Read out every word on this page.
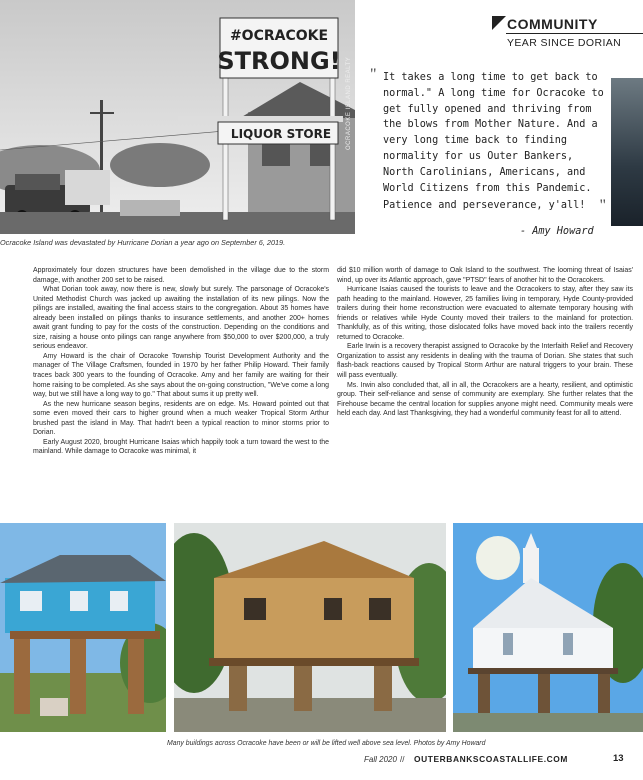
COMMUNITY
YEAR SINCE DORIAN
#OCRACOKE
STRONG!
LIQUOR STORE OCRACOKE ISLAND REALTY " It takes a long time to get back to normal." A long time for Ocracoke to get fully opened and thriving from the blows from Mother Nature. And a very long time back to finding normality for us Outer Bankers, North Carolinians, Americans, and World Citizens from this Pandemic. Patience and perseverance, y'all! "
- Amy Howard
Ocracoke Island was devastated by Hurricane Dorian a year ago on September 6, 2019.

Approximately four dozen structures have been demolished in the village due to the storm damage, with another 200 set to be raised.

What Dorian took away, now there is new, slowly but surely. The parsonage of Ocracoke's United Methodist Church was jacked up awaiting the installation of its new pilings. Now the pilings are installed, awaiting the final access stairs to the congregation. About 35 homes have already been installed on pilings thanks to insurance settlements, and another 200+ homes await grant funding to pay for the costs of the construction. Depending on the conditions and size, raising a house onto pilings can range anywhere from $50,000 to over $200,000, a truly serious endeavor.

Amy Howard is the chair of Ocracoke Township Tourist Development Authority and the manager of The Village Craftsmen, founded in 1970 by her father Philip Howard. Their family traces back 300 years to the founding of Ocracoke. Amy and her family are waiting for their home raising to be completed. As she says about the on-going construction, "We've come a long way, but we still have a long way to go." That about sums it up pretty well.

As the new hurricane season begins, residents are on edge. Ms. Howard pointed out that some even moved their cars to higher ground when a much weaker Tropical Storm Arthur brushed past the island in May. That hadn't been a typical reaction to minor storms prior to Dorian.

Early August 2020, brought Hurricane Isaias which happily took a turn toward the west to the mainland. While damage to Ocracoke was minimal, it

did $10 million worth of damage to Oak Island to the southwest. The looming threat of Isaias' wind, up over its Atlantic approach, gave "PTSD" fears of another hit to the Ocracokers.

Hurricane Isaias caused the tourists to leave and the Ocracokers to stay, after they saw its path heading to the mainland. However, 25 families living in temporary, Hyde County-provided trailers during their home reconstruction were evacuated to alternate temporary housing with friends or relatives while Hyde County moved their trailers to the mainland for protection. Thankfully, as of this writing, those dislocated folks have moved back into the trailers recently returned to Ocracoke.

Earle Irwin is a recovery therapist assigned to Ocracoke by the Interfaith Relief and Recovery Organization to assist any residents in dealing with the trauma of Dorian. She states that such flash-back reactions caused by Tropical Storm Arthur are natural triggers to your brain. These will pass eventually.

Ms. Irwin also concluded that, all in all, the Ocracokers are a hearty, resilient, and optimistic group. Their self-reliance and sense of community are exemplary. She further relates that the Firehouse became the central location for supplies anyone might need. Community meals were held each day. And last Thanksgiving, they had a wonderful community feast for all to attend.

Many buildings across Ocracoke have been or will be lifted well above sea level. Photos by Amy Howard
Fall 2020 // OUTERBANKSCOASTALLIFE.COM	13
